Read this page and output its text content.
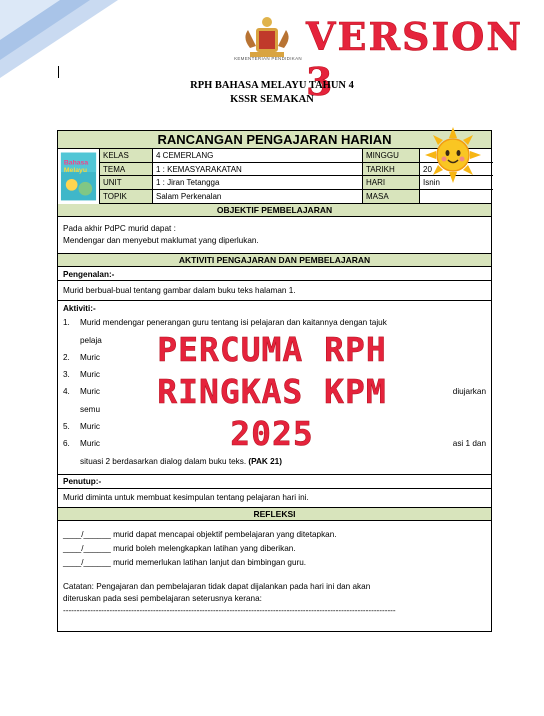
KEMENTERIAN PENDIDIKAN VERSION 3
RPH BAHASA MELAYU TAHUN 4
KSSR SEMAKAN
RANCANGAN PENGAJARAN HARIAN
Bahasa
Melayu
KELAS	4 CEMERLANG	MINGGU
TEMA	1 : KEMASYARAKATAN	TARIKH	20
UNIT	1 : Jiran Tetangga	HARI	Isnin
TOPIK	Salam Perkenalan	MASA
OBJEKTIF PEMBELAJARAN
Pada akhir PdPC murid dapat :
Mendengar dan menyebut maklumat yang diperlukan.
AKTIVITI PENGAJARAN DAN PEMBELAJARAN
Pengenalan:-
Murid berbual-bual tentang gambar dalam buku teks halaman 1.
Aktiviti:-
1. Murid mendengar penerangan guru tentang isi pelajaran dan kaitannya dengan tajuk
pelaja
2. Muric
3. Muric
4. Muric	diujarkan
semu
5. Muric
6. Muric	asi 1 dan
situasi 2 berdasarkan dialog dalam buku teks. (PAK 21)
Penutup:-
Murid diminta untuk membuat kesimpulan tentang pelajaran hari ini.
REFLEKSI
____/______ murid dapat mencapai objektif pembelajaran yang ditetapkan.
____/______ murid boleh melengkapkan latihan yang diberikan.
____/______ murid memerlukan latihan lanjut dan bimbingan guru.
Catatan: Pengajaran dan pembelajaran tidak dapat dijalankan pada hari ini dan akan
diteruskan pada sesi pembelajaran seterusnya kerana:
--------------------------------------------------------------------------------------------------------------------------
PERCUMA RPH
RINGKAS KPM
2025
